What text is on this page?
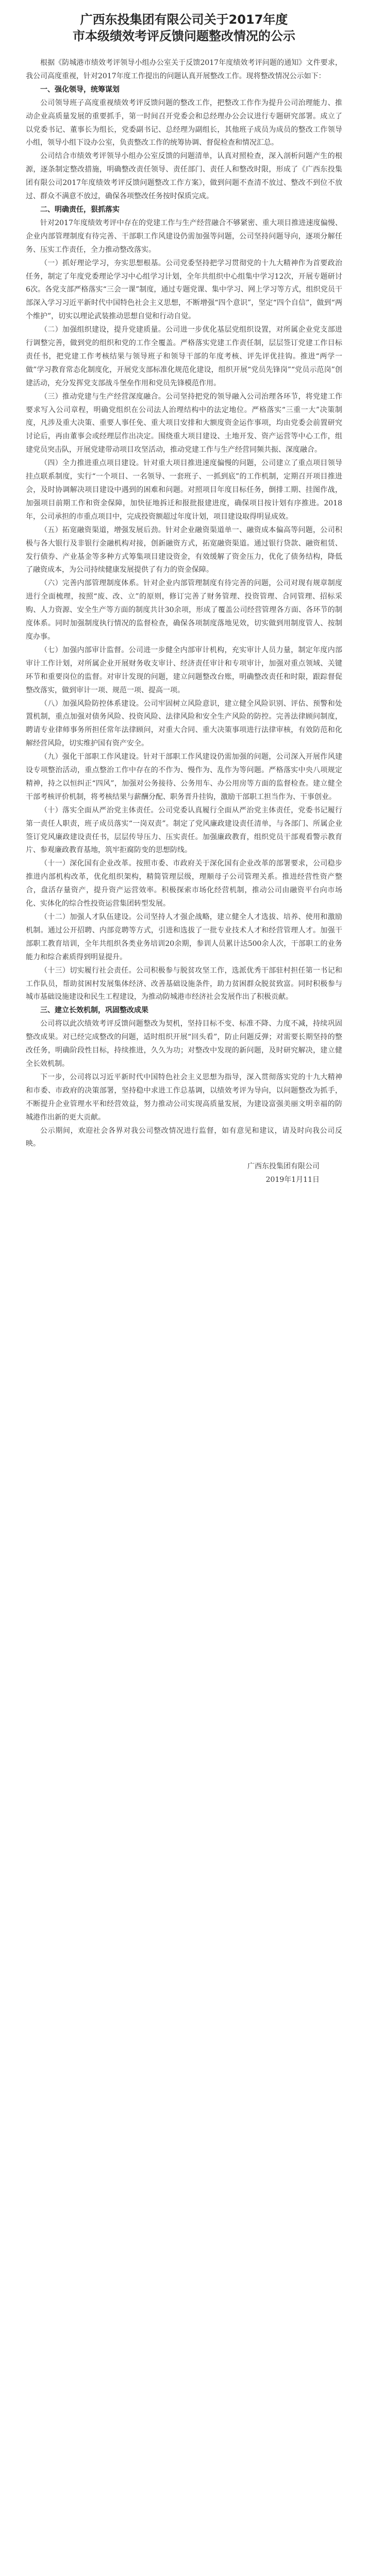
广西东投集团有限公司关于2017年度
市本级绩效考评反馈问题整改情况的公示

根据《防城港市绩效考评领导小组办公室关于反馈2017年度绩效考评问题的通知》文件要求，我公司高度重视，针对2017年度工作提出的问题认真开展整改工作。现将整改情况公示如下：

一、强化领导，统筹谋划

公司领导班子高度重视绩效考评反馈问题的整改工作，把整改工作作为提升公司治理能力、推动企业高质量发展的重要抓手，第一时间召开党委会和总经理办公会议进行专题研究部署。成立了以党委书记、董事长为组长，党委副书记、总经理为副组长，其他班子成员为成员的整改工作领导小组，领导小组下设办公室，负责整改工作的统筹协调、督促检查和情况汇总。

公司结合市绩效考评领导小组办公室反馈的问题清单，认真对照检查，深入剖析问题产生的根源，逐条制定整改措施，明确整改责任领导、责任部门、责任人和整改时限，形成了《广西东投集团有限公司2017年度绩效考评反馈问题整改工作方案》，做到问题不查清不放过、整改不到位不放过、群众不满意不放过，确保各项整改任务按时保质完成。

二、明确责任，狠抓落实

针对2017年度绩效考评中存在的党建工作与生产经营融合不够紧密、重大项目推进速度偏慢、企业内部管理制度有待完善、干部职工作风建设仍需加强等问题，公司坚持问题导向，逐项分解任务、压实工作责任，全力推动整改落实。

（一）抓好理论学习，夯实思想根基。公司党委坚持把学习贯彻党的十九大精神作为首要政治任务，制定了年度党委理论学习中心组学习计划，全年共组织中心组集中学习12次，开展专题研讨6次。各党支部严格落实“三会一课”制度，通过专题党课、集中学习、网上学习等方式，组织党员干部深入学习习近平新时代中国特色社会主义思想，不断增强“四个意识”，坚定“四个自信”，做到“两个维护”，切实以理论武装推动思想自觉和行动自觉。

（二）加强组织建设，提升党建质量。公司进一步优化基层党组织设置，对所属企业党支部进行调整完善，做到党的组织和党的工作全覆盖。严格落实党建工作责任制，层层签订党建工作目标责任书，把党建工作考核结果与领导班子和领导干部的年度考核、评先评优挂钩。推进“两学一做”学习教育常态化制度化，开展党支部标准化规范化建设，组织开展“党员先锋岗”“党员示范岗”创建活动，充分发挥党支部战斗堡垒作用和党员先锋模范作用。

（三）推动党建与生产经营深度融合。公司坚持把党的领导融入公司治理各环节，将党建工作要求写入公司章程，明确党组织在公司法人治理结构中的法定地位。严格落实“三重一大”决策制度，凡涉及重大决策、重要人事任免、重大项目安排和大额度资金运作事项，均由党委会前置研究讨论后，再由董事会或经理层作出决定。围绕重大项目建设、土地开发、资产运营等中心工作，组建党员突击队，开展党建带动项目攻坚活动，推动党建工作与生产经营同频共振、深度融合。

（四）全力推进重点项目建设。针对重大项目推进速度偏慢的问题，公司建立了重点项目领导挂点联系制度，实行“一个项目、一名领导、一套班子、一抓到底”的工作机制，定期召开项目推进会，及时协调解决项目建设中遇到的困难和问题。对照项目年度目标任务，倒排工期、挂图作战，加强项目前期工作和资金保障，加快征地拆迁和报批报建进度，确保项目按计划有序推进。2018年，公司承担的市重点项目中，完成投资额超过年度计划，项目建设取得明显成效。

（五）拓宽融资渠道，增强发展后劲。针对企业融资渠道单一、融资成本偏高等问题，公司积极与各大银行及非银行金融机构对接，创新融资方式，拓宽融资渠道。通过银行贷款、融资租赁、发行债券、产业基金等多种方式筹集项目建设资金，有效缓解了资金压力，优化了债务结构，降低了融资成本，为公司持续健康发展提供了有力的资金保障。

（六）完善内部管理制度体系。针对企业内部管理制度有待完善的问题，公司对现有规章制度进行全面梳理，按照“废、改、立”的原则，修订完善了财务管理、投资管理、合同管理、招标采购、人力资源、安全生产等方面的制度共计30余项，形成了覆盖公司经营管理各方面、各环节的制度体系。同时加强制度执行情况的监督检查，确保各项制度落地见效，切实做到用制度管人、按制度办事。

（七）加强内部审计监督。公司进一步健全内部审计机构，充实审计人员力量，制定年度内部审计工作计划，对所属企业开展财务收支审计、经济责任审计和专项审计，加强对重点领域、关键环节和重要岗位的监督。对审计发现的问题，建立问题整改台账，明确整改责任和时限，跟踪督促整改落实，做到审计一项、规范一项、提高一项。

（八）加强风险防控体系建设。公司牢固树立风险意识，建立健全风险识别、评估、预警和处置机制，重点加强对债务风险、投资风险、法律风险和安全生产风险的防控。完善法律顾问制度，聘请专业律师事务所担任常年法律顾问，对重大合同、重大决策事项进行法律审核，有效防范和化解经营风险，切实维护国有资产安全。

（九）强化干部职工作风建设。针对干部职工作风建设仍需加强的问题，公司深入开展作风建设专项整治活动，重点整治工作中存在的不作为、慢作为、乱作为等问题。严格落实中央八项规定精神，持之以恒纠正“四风”，加强对公务接待、公务用车、办公用房等方面的监督检查。建立健全干部考核评价机制，将考核结果与薪酬分配、职务晋升挂钩，激励干部职工担当作为、干事创业。

（十）落实全面从严治党主体责任。公司党委认真履行全面从严治党主体责任，党委书记履行第一责任人职责，班子成员落实“一岗双责”。制定了党风廉政建设责任清单，与各部门、所属企业签订党风廉政建设责任书，层层传导压力、压实责任。加强廉政教育，组织党员干部观看警示教育片、参观廉政教育基地，筑牢拒腐防变的思想防线。

（十一）深化国有企业改革。按照市委、市政府关于深化国有企业改革的部署要求，公司稳步推进内部机构改革，优化组织架构，精简管理层级，理顺母子公司管理关系。推进经营性资产整合，盘活存量资产，提升资产运营效率。积极探索市场化经营机制，推动公司由融资平台向市场化、实体化的综合性投资运营集团转型发展。

（十二）加强人才队伍建设。公司坚持人才强企战略，建立健全人才选拔、培养、使用和激励机制。通过公开招聘、内部竞聘等方式，引进和选拔了一批专业技术人才和经营管理人才。加强干部职工教育培训，全年共组织各类业务培训20余期，参训人员累计达500余人次，干部职工的业务能力和综合素质得到明显提升。

（十三）切实履行社会责任。公司积极参与脱贫攻坚工作，选派优秀干部驻村担任第一书记和工作队员，帮助贫困村发展集体经济、改善基础设施条件，助力贫困群众脱贫致富。同时积极参与城市基础设施建设和民生工程建设，为推动防城港市经济社会发展作出了积极贡献。

三、建立长效机制，巩固整改成果

公司将以此次绩效考评反馈问题整改为契机，坚持目标不变、标准不降、力度不减，持续巩固整改成果。对已经完成整改的问题，适时组织开展“回头看”，防止问题反弹；对需要长期坚持的整改任务，明确阶段性目标，持续推进，久久为功；对整改中发现的新问题，及时研究解决，建立健全长效机制。

下一步，公司将以习近平新时代中国特色社会主义思想为指导，深入贯彻落实党的十九大精神和市委、市政府的决策部署，坚持稳中求进工作总基调，以绩效考评为导向，以问题整改为抓手，不断提升企业管理水平和经营效益，努力推动公司实现高质量发展，为建设富强美丽文明幸福的防城港作出新的更大贡献。

公示期间，欢迎社会各界对我公司整改情况进行监督，如有意见和建议，请及时向我公司反映。

广西东投集团有限公司
2019年1月11日
